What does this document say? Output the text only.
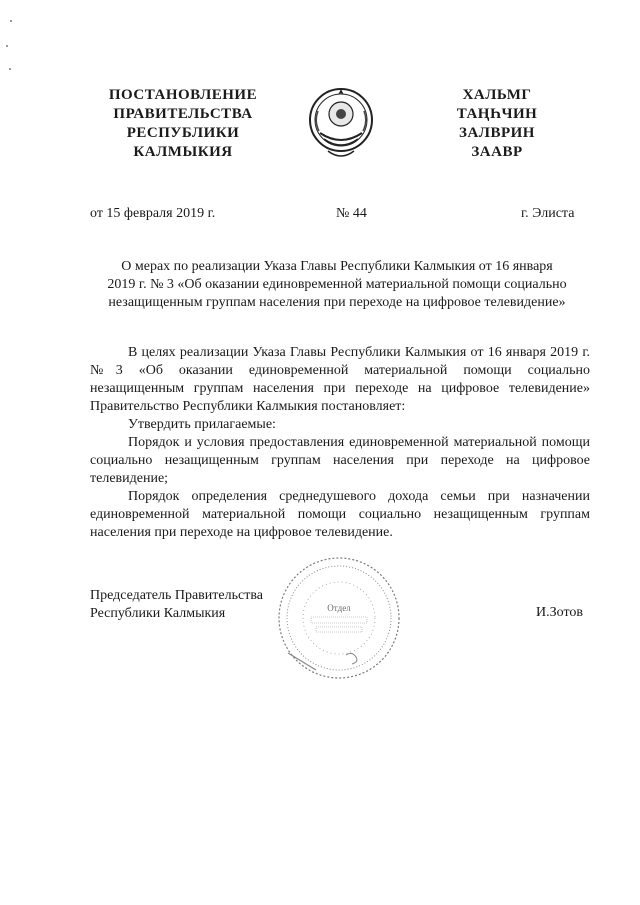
ПОСТАНОВЛЕНИЕ
ПРАВИТЕЛЬСТВА
РЕСПУБЛИКИ
КАЛМЫКИЯ
ХАЛЬМГ
ТАҢҺЧИН
ЗАЛВРИН
ЗААВР
от 15 февраля 2019 г.	№ 44	г. Элиста
О мерах по реализации Указа Главы Республики Калмыкия от 16 января
2019 г. № 3 «Об оказании единовременной материальной помощи социально
незащищенным группам населения при переходе на цифровое телевидение»

В целях реализации Указа Главы Республики Калмыкия от 16 января 2019 г. №3 «Об оказании единовременной материальной помощи социально незащищенным группам населения при переходе на цифровое телевидение» Правительство Республики Калмыкия постановляет:

Утвердить прилагаемые:

Порядок и условия предоставления единовременной материальной помощи социально незащищенным группам населения при переходе на цифровое телевидение;

Порядок определения среднедушевого дохода семьи при назначении единовременной материальной помощи социально незащищенным группам населения при переходе на цифровое телевидение.

Председатель Правительства
Республики Калмыкия	Отдел	И.Зотов
